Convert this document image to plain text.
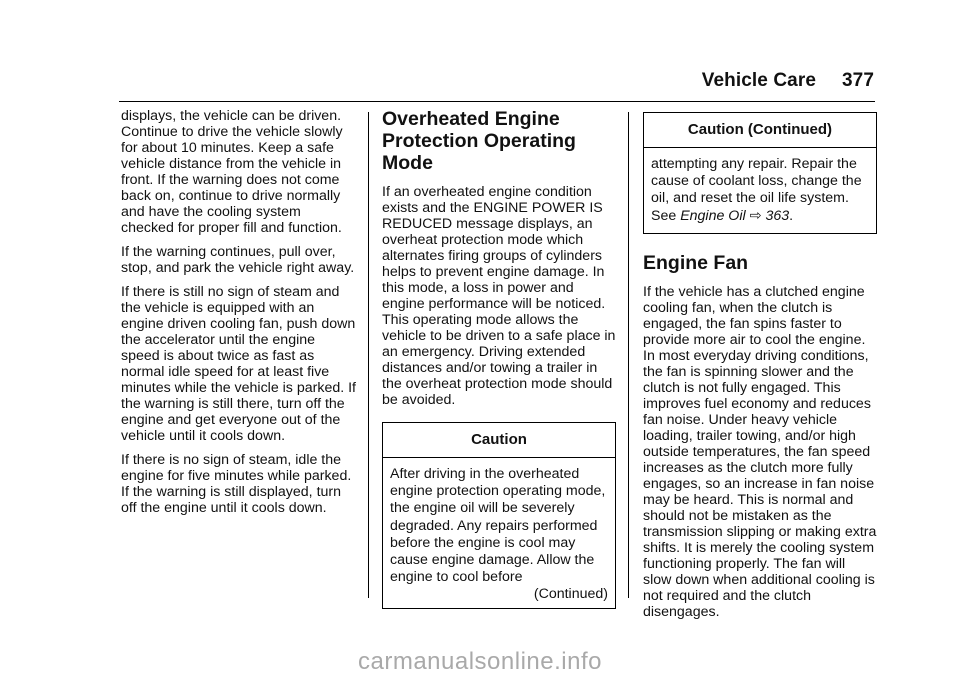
Vehicle Care 377

displays, the vehicle can be driven. Continue to drive the vehicle slowly for about 10 minutes. Keep a safe vehicle distance from the vehicle in front. If the warning does not come back on, continue to drive normally and have the cooling system checked for proper fill and function.

If the warning continues, pull over, stop, and park the vehicle right away.

If there is still no sign of steam and the vehicle is equipped with an engine driven cooling fan, push down the accelerator until the engine speed is about twice as fast as normal idle speed for at least five minutes while the vehicle is parked. If the warning is still there, turn off the engine and get everyone out of the vehicle until it cools down.

If there is no sign of steam, idle the engine for five minutes while parked. If the warning is still displayed, turn off the engine until it cools down.

Overheated Engine Protection Operating Mode

If an overheated engine condition exists and the ENGINE POWER IS REDUCED message displays, an overheat protection mode which alternates firing groups of cylinders helps to prevent engine damage. In this mode, a loss in power and engine performance will be noticed. This operating mode allows the vehicle to be driven to a safe place in an emergency. Driving extended distances and/or towing a trailer in the overheat protection mode should be avoided.

Caution
After driving in the overheated engine protection operating mode, the engine oil will be severely degraded. Any repairs performed before the engine is cool may cause engine damage. Allow the engine to cool before
(Continued)
Caution (Continued)
attempting any repair. Repair the cause of coolant loss, change the oil, and reset the oil life system. See Engine Oil ⇨ 363.
Engine Fan

If the vehicle has a clutched engine cooling fan, when the clutch is engaged, the fan spins faster to provide more air to cool the engine. In most everyday driving conditions, the fan is spinning slower and the clutch is not fully engaged. This improves fuel economy and reduces fan noise. Under heavy vehicle loading, trailer towing, and/or high outside temperatures, the fan speed increases as the clutch more fully engages, so an increase in fan noise may be heard. This is normal and should not be mistaken as the transmission slipping or making extra shifts. It is merely the cooling system functioning properly. The fan will slow down when additional cooling is not required and the clutch disengages.

carmanualsonline.info
